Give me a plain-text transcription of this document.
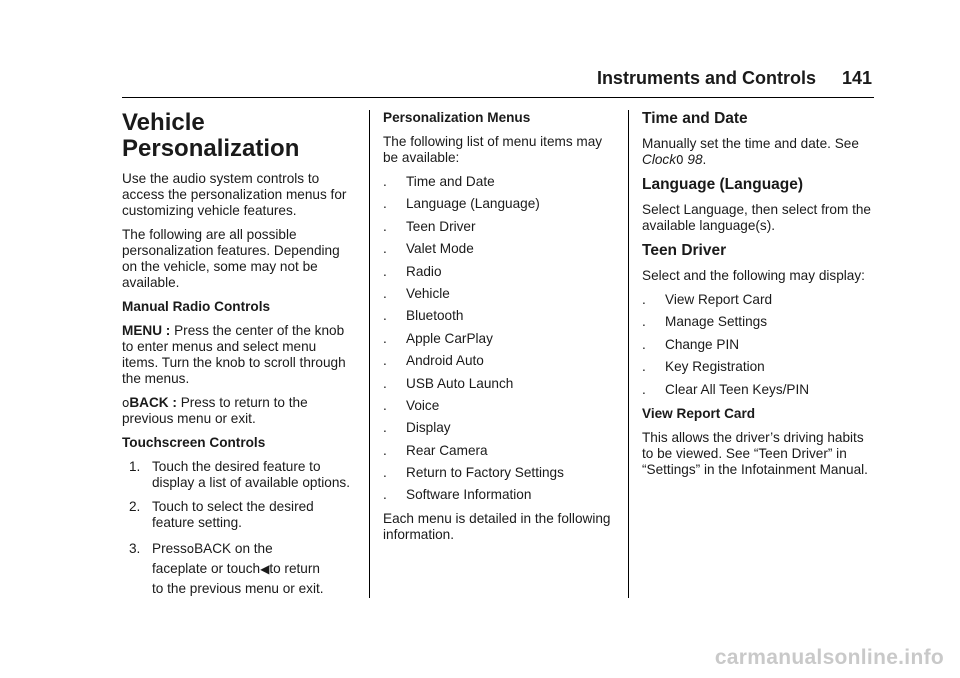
Instruments and Controls 141
Vehicle
Personalization

Use the audio system controls to access the personalization menus for customizing vehicle features.

The following are all possible personalization features. Depending on the vehicle, some may not be available.

Manual Radio Controls

MENU : Press the center of the knob to enter menus and select menu items. Turn the knob to scroll through the menus.

oBACK : Press to return to the previous menu or exit.

Touchscreen Controls

1. Touch the desired feature to display a list of available options.
2. Touch to select the desired feature setting.
3. PressoBACK on the
faceplate or touch◀to return
to the previous menu or exit.

Personalization Menus

The following list of menu items may be available:

. Time and Date
. Language (Language)
. Teen Driver
. Valet Mode
. Radio
. Vehicle
. Bluetooth
. Apple CarPlay
. Android Auto
. USB Auto Launch
. Voice
. Display
. Rear Camera
. Return to Factory Settings
. Software Information

Each menu is detailed in the following information.

Time and Date

Manually set the time and date. See Clock0 98.

Language (Language)

Select Language, then select from the available language(s).

Teen Driver

Select and the following may display:

. View Report Card
. Manage Settings
. Change PIN
. Key Registration
. Clear All Teen Keys/PIN

View Report Card

This allows the driver’s driving habits to be viewed. See “Teen Driver” in “Settings” in the Infotainment Manual.

carmanualsonline.info
